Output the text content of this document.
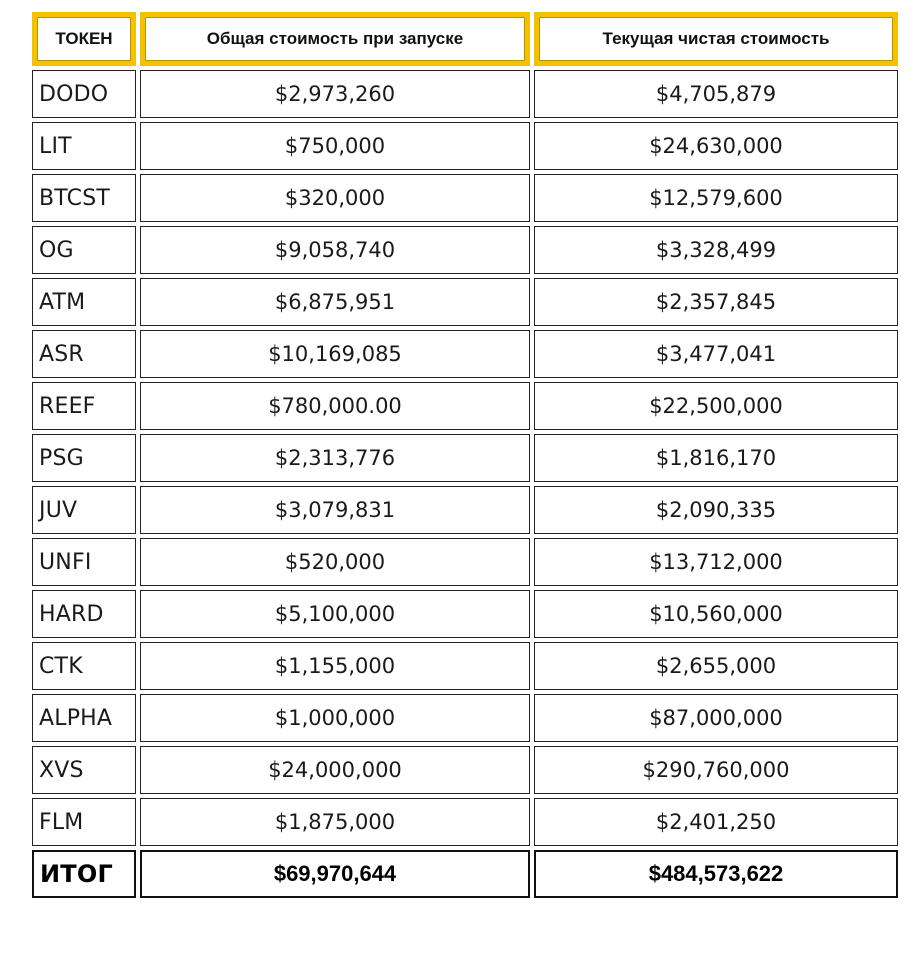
ТОКЕН	Общая стоимость при запуске	Текущая чистая стоимость
DODO	$2,973,260	$4,705,879
LIT	$750,000	$24,630,000
BTCST	$320,000	$12,579,600
OG	$9,058,740	$3,328,499
ATM	$6,875,951	$2,357,845
ASR	$10,169,085	$3,477,041
REEF	$780,000.00	$22,500,000
PSG	$2,313,776	$1,816,170
JUV	$3,079,831	$2,090,335
UNFI	$520,000	$13,712,000
HARD	$5,100,000	$10,560,000
CTK	$1,155,000	$2,655,000
ALPHA	$1,000,000	$87,000,000
XVS	$24,000,000	$290,760,000
FLM	$1,875,000	$2,401,250
ИТОГ	$69,970,644	$484,573,622
